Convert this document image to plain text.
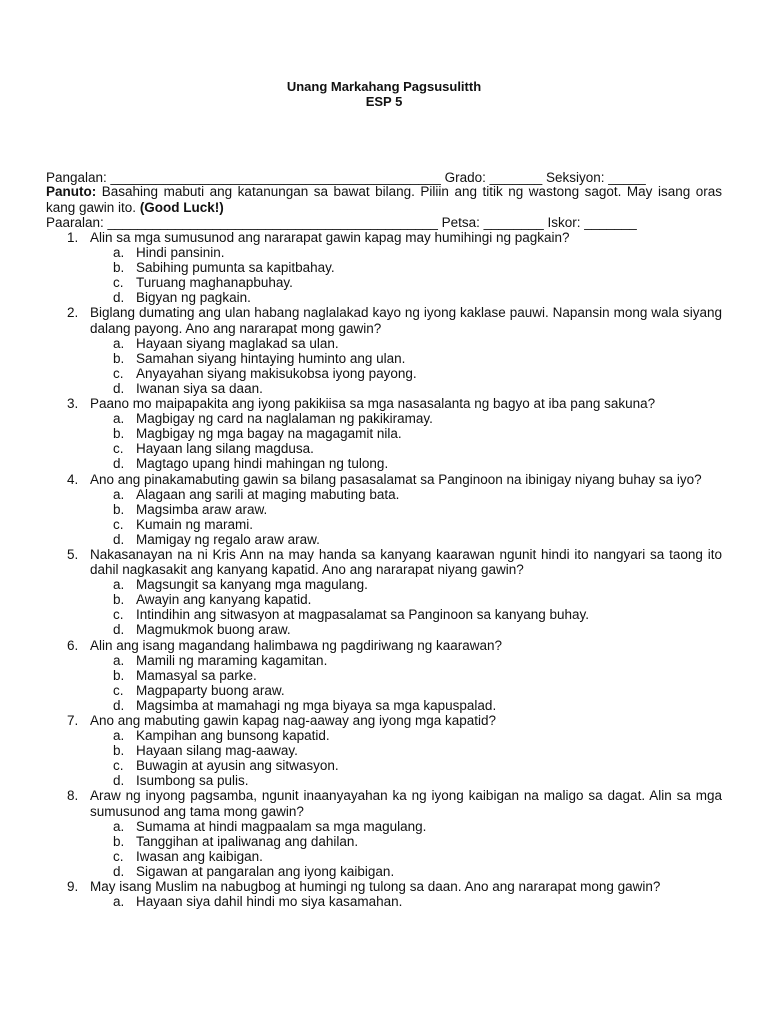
Unang Markahang Pagsusulitth
ESP 5

Pangalan: ____________________________________________ Grado: _______ Seksiyon: _____

Paaralan: ____________________________________________ Petsa: ________ Iskor: _______

Panuto: Basahing mabuti ang katanungan sa bawat bilang. Piliin ang titik ng wastong sagot. May isang oras kang gawin ito. (Good Luck!)
1. Alin sa mga sumusunod ang nararapat gawin kapag may humihingi ng pagkain?
a. Hindi pansinin.
b. Sabihing pumunta sa kapitbahay.
c. Turuang maghanapbuhay.
d. Bigyan ng pagkain.
2. Biglang dumating ang ulan habang naglalakad kayo ng iyong kaklase pauwi. Napansin mong wala siyang dalang payong. Ano ang nararapat mong gawin?
a. Hayaan siyang maglakad sa ulan.
b. Samahan siyang hintaying huminto ang ulan.
c. Anyayahan siyang makisukobsa iyong payong.
d. Iwanan siya sa daan.
3. Paano mo maipapakita ang iyong pakikiisa sa mga nasasalanta ng bagyo at iba pang sakuna?
a. Magbigay ng card na naglalaman ng pakikiramay.
b. Magbigay ng mga bagay na magagamit nila.
c. Hayaan lang silang magdusa.
d. Magtago upang hindi mahingan ng tulong.
4. Ano ang pinakamabuting gawin sa bilang pasasalamat sa Panginoon na ibinigay niyang buhay sa iyo?
a. Alagaan ang sarili at maging mabuting bata.
b. Magsimba araw araw.
c. Kumain ng marami.
d. Mamigay ng regalo araw araw.
5. Nakasanayan na ni Kris Ann na may handa sa kanyang kaarawan ngunit hindi ito nangyari sa taong ito dahil nagkasakit ang kanyang kapatid. Ano ang nararapat niyang gawin?
a. Magsungit sa kanyang mga magulang.
b. Awayin ang kanyang kapatid.
c. Intindihin ang sitwasyon at magpasalamat sa Panginoon sa kanyang buhay.
d. Magmukmok buong araw.
6. Alin ang isang magandang halimbawa ng pagdiriwang ng kaarawan?
a. Mamili ng maraming kagamitan.
b. Mamasyal sa parke.
c. Magpaparty buong araw.
d. Magsimba at mamahagi ng mga biyaya sa mga kapuspalad.
7. Ano ang mabuting gawin kapag nag-aaway ang iyong mga kapatid?
a. Kampihan ang bunsong kapatid.
b. Hayaan silang mag-aaway.
c. Buwagin at ayusin ang sitwasyon.
d. Isumbong sa pulis.
8. Araw ng inyong pagsamba, ngunit inaanyayahan ka ng iyong kaibigan na maligo sa dagat. Alin sa mga sumusunod ang tama mong gawin?
a. Sumama at hindi magpaalam sa mga magulang.
b. Tanggihan at ipaliwanag ang dahilan.
c. Iwasan ang kaibigan.
d. Sigawan at pangaralan ang iyong kaibigan.
9. May isang Muslim na nabugbog at humingi ng tulong sa daan. Ano ang nararapat mong gawin?
a. Hayaan siya dahil hindi mo siya kasamahan.
